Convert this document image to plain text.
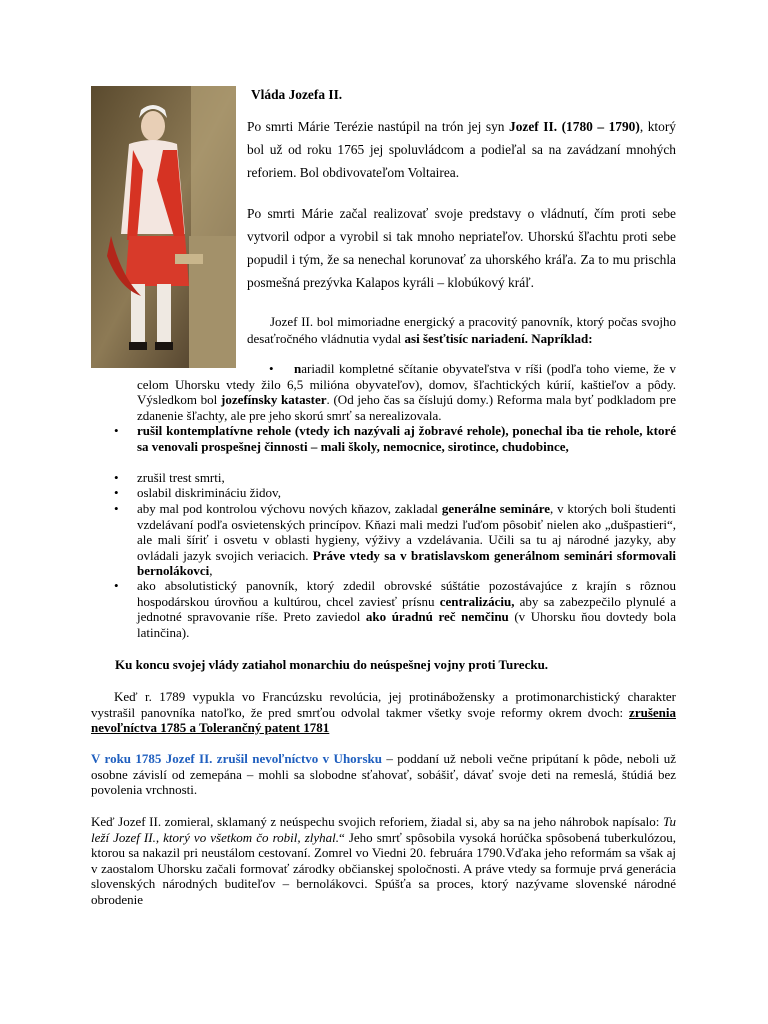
Vláda Jozefa II.

Po smrti Márie Terézie nastúpil na trón jej syn Jozef II. (1780 – 1790), ktorý bol už od roku 1765 jej spoluvládcom a podieľal sa na zavádzaní mnohých reforiem. Bol obdivovateľom Voltairea.

Po smrti Márie začal realizovať svoje predstavy o vládnutí, čím proti sebe vytvoril odpor a vyrobil si tak mnoho nepriateľov. Uhorskú šľachtu proti sebe popudil i tým, že sa nenechal korunovať za uhorského kráľa. Za to mu prischla posmešná prezývka Kalapos kyráli – klobúkový kráľ.

Jozef II. bol mimoriadne energický a pracovitý panovník, ktorý počas svojho desaťročného vládnutia vydal asi šesťtisíc nariadení. Napríklad:

•	nariadil kompletné sčítanie obyvateľstva v ríši (podľa toho vieme, že v celom Uhorsku vtedy žilo 6,5 milióna obyvateľov), domov, šľachtických kúrií, kaštieľov a pôdy. Výsledkom bol jozefínsky kataster. (Od jeho čas sa číslujú domy.) Reforma mala byť podkladom pre zdanenie šľachty, ale pre jeho skorú smrť sa nerealizovala.

• rušil kontemplatívne rehole (vtedy ich nazývali aj žobravé rehole), ponechal iba tie rehole, ktoré sa venovali prospešnej činnosti – mali školy, nemocnice, sirotince, chudobince,

• zrušil trest smrti,

• oslabil diskrimináciu židov,

• aby mal pod kontrolou výchovu nových kňazov, zakladal generálne semináre, v ktorých boli študenti vzdelávaní podľa osvietenských princípov. Kňazi mali medzi ľuďom pôsobiť nielen ako „dušpastieri“, ale mali šíriť i osvetu v oblasti hygieny, výživy a vzdelávania. Učili sa tu aj národné jazyky, aby ovládali jazyk svojich veriacich. Práve vtedy sa v bratislavskom generálnom seminári sformovali bernolákovci,

• ako absolutistický panovník, ktorý zdedil obrovské súštátie pozostávajúce z krajín s rôznou hospodárskou úrovňou a kultúrou, chcel zaviesť prísnu centralizáciu, aby sa zabezpečilo plynulé a jednotné spravovanie ríše. Preto zaviedol ako úradnú reč nemčinu (v Uhorsku ňou dovtedy bola latinčina).

Ku koncu svojej vlády zatiahol monarchiu do neúspešnej vojny proti Turecku.

Keď r. 1789 vypukla vo Francúzsku revolúcia, jej protinábožensky a protimonarchistický charakter vystrašil panovníka natoľko, že pred smrťou odvolal takmer všetky svoje reformy okrem dvoch: zrušenia nevoľníctva 1785 a Tolerančný patent 1781

V roku 1785 Jozef II. zrušil nevoľníctvo v Uhorsku – poddaní už neboli večne pripútaní k pôde, neboli už osobne závislí od zemepána – mohli sa slobodne sťahovať, sobášiť, dávať svoje deti na remeslá, štúdiá bez povolenia vrchnosti.

Keď Jozef II. zomieral, sklamaný z neúspechu svojich reforiem, žiadal si, aby sa na jeho náhrobok napísalo: Tu leží Jozef II., ktorý vo všetkom čo robil, zlyhal.“ Jeho smrť spôsobila vysoká horúčka spôsobená tuberkulózou, ktorou sa nakazil pri neustálom cestovaní. Zomrel vo Viedni 20. februára 1790.Vďaka jeho reformám sa však aj v zaostalom Uhorsku začali formovať zárodky občianskej spoločnosti. A práve vtedy sa formuje prvá generácia slovenských národných buditeľov – bernolákovci. Spúšťa sa proces, ktorý nazývame slovenské národné obrodenie
